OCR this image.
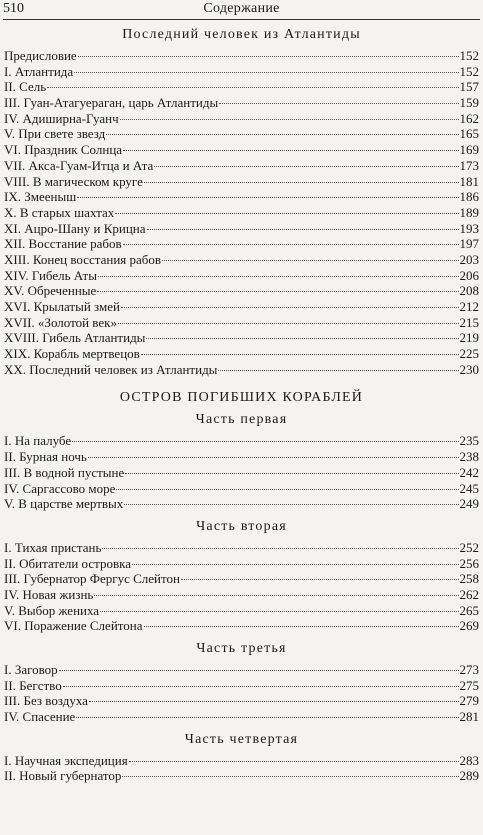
510	Содержание
Последний человек из Атлантиды
Предисловие	152
I. Атлантида	152
II. Сель	157
III. Гуан-Атагуераган, царь Атлантиды	159
IV. Адиширна-Гуанч	162
V. При свете звезд	165
VI. Праздник Солнца	169
VII. Акса-Гуам-Итца и Ата	173
VIII. В магическом круге	181
IX. Змееныш	186
X. В старых шахтах	189
XI. Ацро-Шану и Крицна	193
XII. Восстание рабов	197
XIII. Конец восстания рабов	203
XIV. Гибель Аты	206
XV. Обреченные	208
XVI. Крылатый змей	212
XVII. «Золотой век»	215
XVIII. Гибель Атлантиды	219
XIX. Корабль мертвецов	225
XX. Последний человек из Атлантиды	230
ОСТРОВ ПОГИБШИХ КОРАБЛЕЙ
Часть первая
I. На палубе	235
II. Бурная ночь	238
III. В водной пустыне	242
IV. Саргассово море	245
V. В царстве мертвых	249
Часть вторая
I. Тихая пристань	252
II. Обитатели островка	256
III. Губернатор Фергус Слейтон	258
IV. Новая жизнь	262
V. Выбор жениха	265
VI. Поражение Слейтона	269
Часть третья
I. Заговор	273
II. Бегство	275
III. Без воздуха	279
IV. Спасение	281
Часть четвертая
I. Научная экспедиция	283
II. Новый губернатор	289
